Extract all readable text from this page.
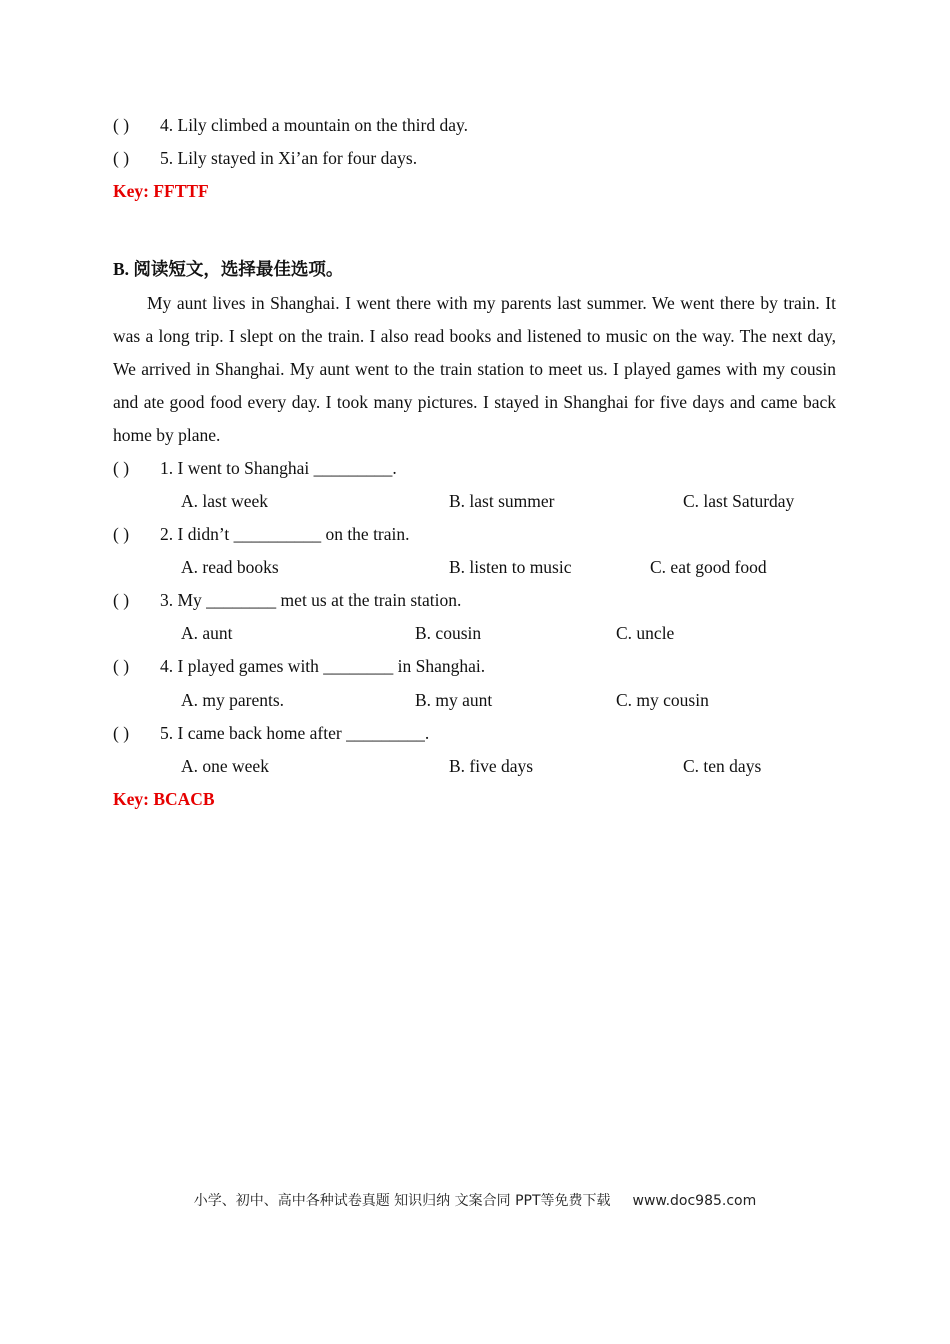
( ) 4. Lily climbed a mountain on the third day.
( ) 5. Lily stayed in Xi’an for four days.
Key: FFTTF
B. 阅读短文，选择最佳选项。
My aunt lives in Shanghai. I went there with my parents last summer. We went there by train. It was a long trip. I slept on the train. I also read books and listened to music on the way. The next day, We arrived in Shanghai. My aunt went to the train station to meet us. I played games with my cousin and ate good food every day. I took many pictures. I stayed in Shanghai for five days and came back home by plane.
( ) 1. I went to Shanghai _________.
A. last week	B. last summer	C. last Saturday
( ) 2. I didn’t __________ on the train.
A. read books	B. listen to music	C. eat good food
( ) 3. My ________ met us at the train station.
A. aunt	B. cousin	C. uncle
( ) 4. I played games with ________ in Shanghai.
A. my parents.	B. my aunt	C. my cousin
( ) 5. I came back home after _________.
A. one week	B. five days	C. ten days
Key: BCACB
小学、初中、高中各种试卷真题 知识归纳 文案合同 PPT等免费下载 www.doc985.com
